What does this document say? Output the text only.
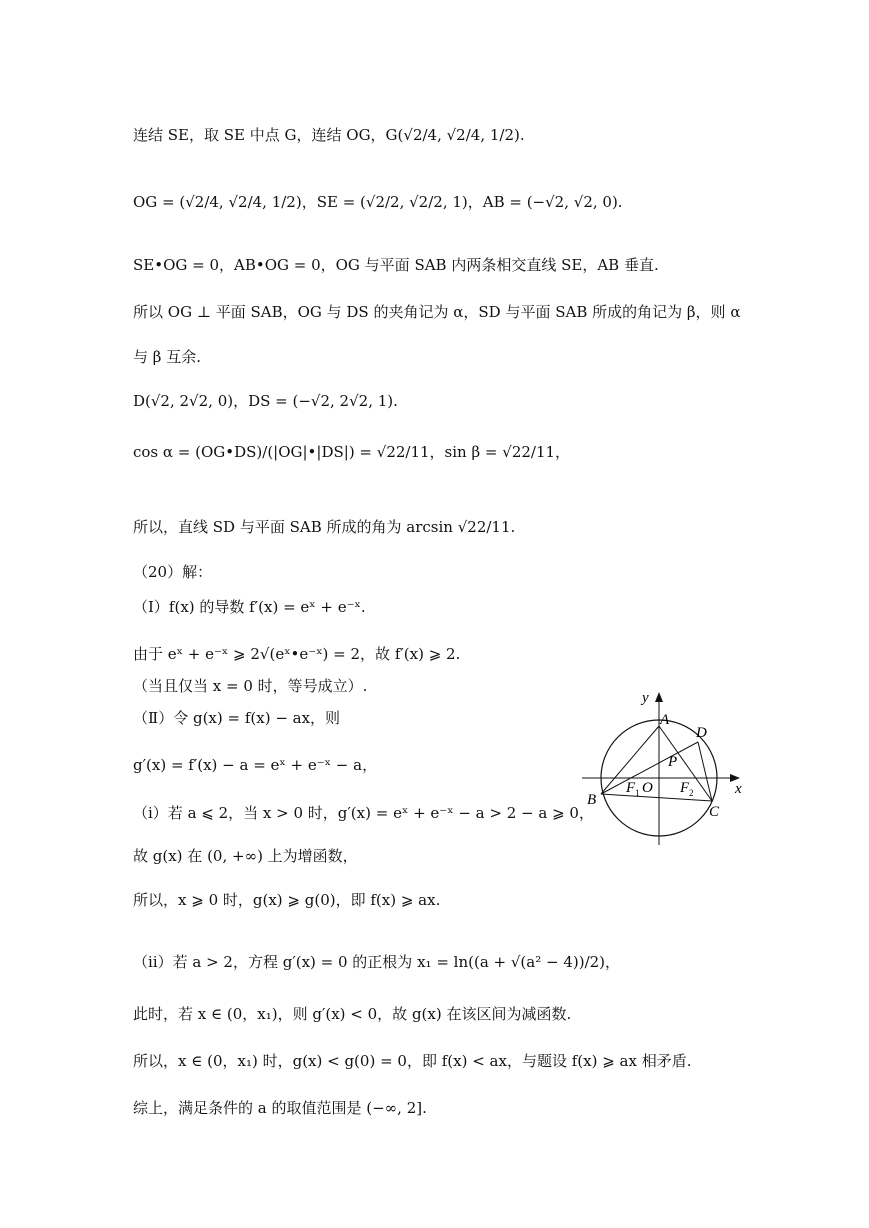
连结 SE，取 SE 中点 G，连结 OG，G(√2/4, √2/4, 1/2).
OG = (√2/4, √2/4, 1/2)，SE = (√2/2, √2/2, 1)，AB = (−√2, √2, 0).
SE•OG = 0，AB•OG = 0，OG 与平面 SAB 内两条相交直线 SE，AB 垂直.
所以 OG ⊥ 平面 SAB，OG 与 DS 的夹角记为 α，SD 与平面 SAB 所成的角记为 β，则 α
与 β 互余.
D(√2, 2√2, 0)，DS = (−√2, 2√2, 1).
cos α = (OG•DS)/(|OG|•|DS|) = √22/11，sin β = √22/11，
所以，直线 SD 与平面 SAB 所成的角为 arcsin √22/11.
（20）解：
（Ⅰ）f(x) 的导数 f′(x) = eˣ + e⁻ˣ.
由于 eˣ + e⁻ˣ ⩾ 2√(eˣ•e⁻ˣ) = 2，故 f′(x) ⩾ 2.
（当且仅当 x = 0 时，等号成立）.
（Ⅱ）令 g(x) = f(x) − ax，则
g′(x) = f′(x) − a = eˣ + e⁻ˣ − a，
（ⅰ）若 a ⩽ 2，当 x > 0 时，g′(x) = eˣ + e⁻ˣ − a > 2 − a ⩾ 0，
故 g(x) 在 (0, +∞) 上为增函数，
所以，x ⩾ 0 时，g(x) ⩾ g(0)，即 f(x) ⩾ ax.
（ⅱ）若 a > 2，方程 g′(x) = 0 的正根为 x₁ = ln((a + √(a² − 4))/2)，
此时，若 x ∈ (0，x₁)，则 g′(x) < 0，故 g(x) 在该区间为减函数.
所以，x ∈ (0，x₁) 时，g(x) < g(0) = 0，即 f(x) < ax，与题设 f(x) ⩾ ax 相矛盾.
综上，满足条件的 a 的取值范围是 (−∞, 2].
y
x
A
D
P
B
F 1 O F 2
C
